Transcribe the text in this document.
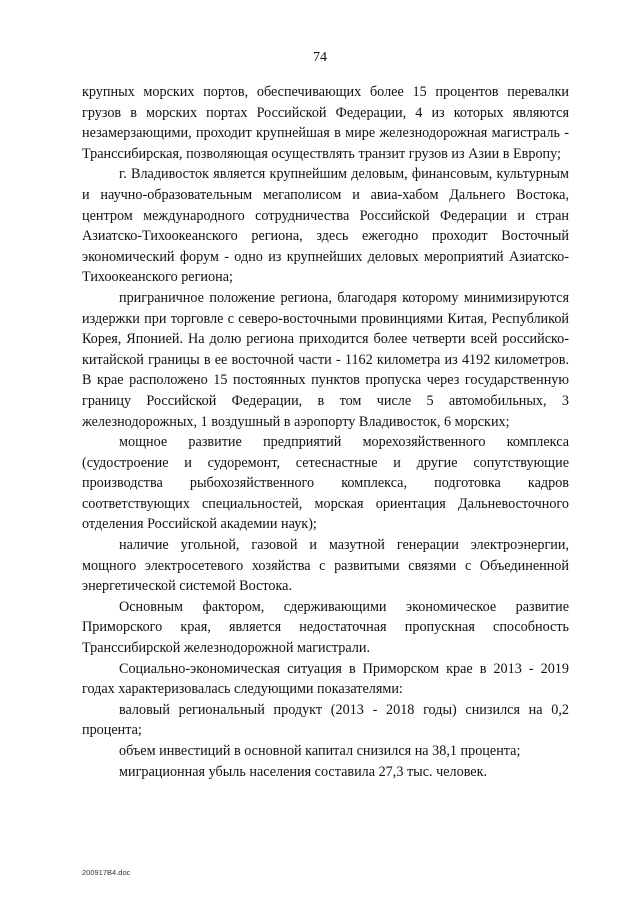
74

крупных морских портов, обеспечивающих более 15 процентов перевалки грузов в морских портах Российской Федерации, 4 из которых являются незамерзающими, проходит крупнейшая в мире железнодорожная магистраль - Транссибирская, позволяющая осуществлять транзит грузов из Азии в Европу;

г. Владивосток является крупнейшим деловым, финансовым, культурным и научно-образовательным мегаполисом и авиа-хабом Дальнего Востока, центром международного сотрудничества Российской Федерации и стран Азиатско-Тихоокеанского региона, здесь ежегодно проходит Восточный экономический форум - одно из крупнейших деловых мероприятий Азиатско-Тихоокеанского региона;

приграничное положение региона, благодаря которому минимизируются издержки при торговле с северо-восточными провинциями Китая, Республикой Корея, Японией. На долю региона приходится более четверти всей российско-китайской границы в ее восточной части - 1162 километра из 4192 километров. В крае расположено 15 постоянных пунктов пропуска через государственную границу Российской Федерации, в том числе 5 автомобильных, 3 железнодорожных, 1 воздушный в аэропорту Владивосток, 6 морских;

мощное развитие предприятий морехозяйственного комплекса (судостроение и судоремонт, сетеснастные и другие сопутствующие производства рыбохозяйственного комплекса, подготовка кадров соответствующих специальностей, морская ориентация Дальневосточного отделения Российской академии наук);

наличие угольной, газовой и мазутной генерации электроэнергии, мощного электросетевого хозяйства с развитыми связями с Объединенной энергетической системой Востока.

Основным фактором, сдерживающими экономическое развитие Приморского края, является недостаточная пропускная способность Транссибирской железнодорожной магистрали.

Социально-экономическая ситуация в Приморском крае в 2013 - 2019 годах характеризовалась следующими показателями:

валовый региональный продукт (2013 - 2018 годы) снизился на 0,2 процента;

объем инвестиций в основной капитал снизился на 38,1 процента;

миграционная убыль населения составила 27,3 тыс. человек.

200917B4.doc
